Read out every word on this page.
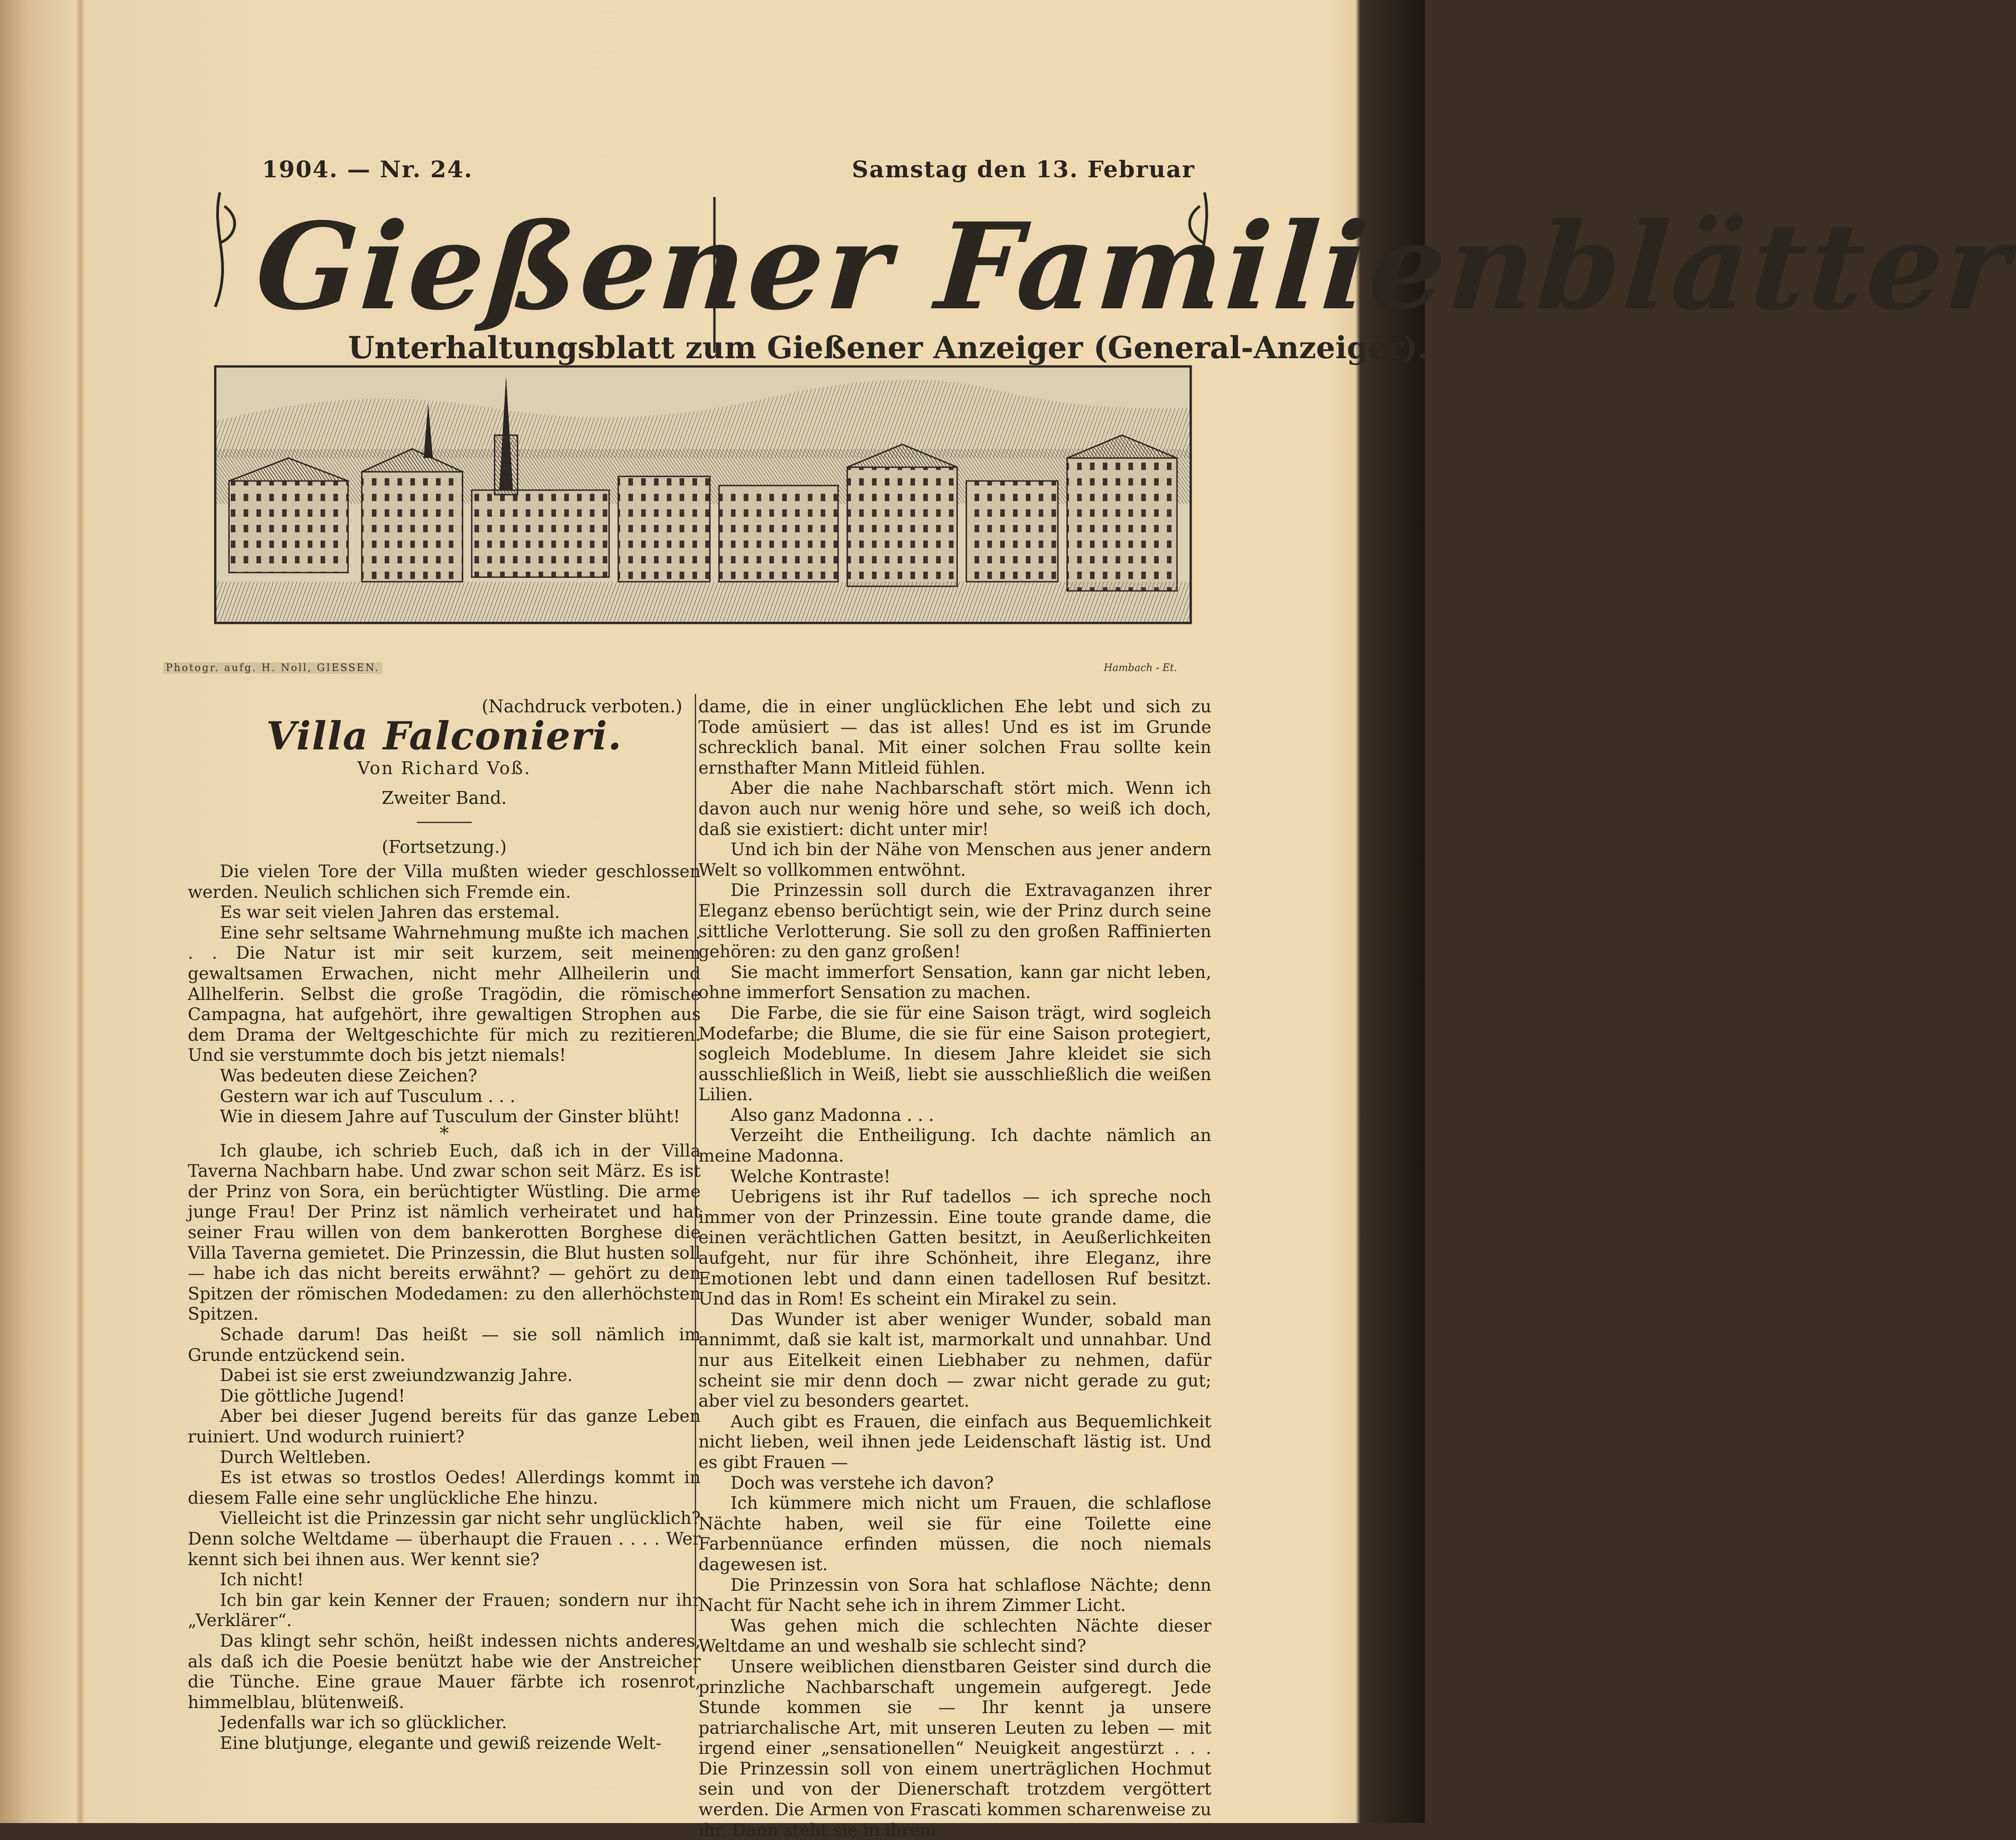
1904. — Nr. 24.	Samstag den 13. Februar
Gießener Familienblätter
Unterhaltungsblatt zum Gießener Anzeiger (General-Anzeiger).
Photogr. aufg. H. Noll, GIESSEN.	Hambach - Et.
(Nachdruck verboten.)
Villa Falconieri.
Von Richard Voß.
Zweiter Band.
(Fortsetzung.)

Die vielen Tore der Villa mußten wieder geschlossen werden. Neulich schlichen sich Fremde ein.

Es war seit vielen Jahren das erstemal.

Eine sehr seltsame Wahrnehmung mußte ich machen . . . Die Natur ist mir seit kurzem, seit meinem gewaltsamen Erwachen, nicht mehr Allheilerin und Allhelferin. Selbst die große Tragödin, die römische Campagna, hat aufgehört, ihre gewaltigen Strophen aus dem Drama der Weltgeschichte für mich zu rezitieren. Und sie verstummte doch bis jetzt niemals!

Was bedeuten diese Zeichen?

Gestern war ich auf Tusculum . . .

Wie in diesem Jahre auf Tusculum der Ginster blüht!

*

Ich glaube, ich schrieb Euch, daß ich in der Villa Taverna Nachbarn habe. Und zwar schon seit März. Es ist der Prinz von Sora, ein berüchtigter Wüstling. Die arme junge Frau! Der Prinz ist nämlich verheiratet und hat seiner Frau willen von dem bankerotten Borghese die Villa Taverna gemietet. Die Prinzessin, die Blut husten soll — habe ich das nicht bereits erwähnt? — gehört zu den Spitzen der römischen Modedamen: zu den allerhöchsten Spitzen.

Schade darum! Das heißt — sie soll nämlich im Grunde entzückend sein.

Dabei ist sie erst zweiundzwanzig Jahre.

Die göttliche Jugend!

Aber bei dieser Jugend bereits für das ganze Leben ruiniert. Und wodurch ruiniert?

Durch Weltleben.

Es ist etwas so trostlos Oedes! Allerdings kommt in diesem Falle eine sehr unglückliche Ehe hinzu.

Vielleicht ist die Prinzessin gar nicht sehr unglücklich? Denn solche Weltdame — überhaupt die Frauen . . . . Wer kennt sich bei ihnen aus. Wer kennt sie?

Ich nicht!

Ich bin gar kein Kenner der Frauen; sondern nur ihr „Verklärer“.

Das klingt sehr schön, heißt indessen nichts anderes, als daß ich die Poesie benützt habe wie der Anstreicher die Tünche. Eine graue Mauer färbte ich rosenrot, himmelblau, blütenweiß.

Jedenfalls war ich so glücklicher.

Eine blutjunge, elegante und gewiß reizende Welt-

dame, die in einer unglücklichen Ehe lebt und sich zu Tode amüsiert — das ist alles! Und es ist im Grunde schrecklich banal. Mit einer solchen Frau sollte kein ernsthafter Mann Mitleid fühlen.

Aber die nahe Nachbarschaft stört mich. Wenn ich davon auch nur wenig höre und sehe, so weiß ich doch, daß sie existiert: dicht unter mir!

Und ich bin der Nähe von Menschen aus jener andern Welt so vollkommen entwöhnt.

Die Prinzessin soll durch die Extravaganzen ihrer Eleganz ebenso berüchtigt sein, wie der Prinz durch seine sittliche Verlotterung. Sie soll zu den großen Raffinierten gehören: zu den ganz großen!

Sie macht immerfort Sensation, kann gar nicht leben, ohne immerfort Sensation zu machen.

Die Farbe, die sie für eine Saison trägt, wird sogleich Modefarbe; die Blume, die sie für eine Saison protegiert, sogleich Modeblume. In diesem Jahre kleidet sie sich ausschließlich in Weiß, liebt sie ausschließlich die weißen Lilien.

Also ganz Madonna . . .

Verzeiht die Entheiligung. Ich dachte nämlich an meine Madonna.

Welche Kontraste!

Uebrigens ist ihr Ruf tadellos — ich spreche noch immer von der Prinzessin. Eine toute grande dame, die einen verächtlichen Gatten besitzt, in Aeußerlichkeiten aufgeht, nur für ihre Schönheit, ihre Eleganz, ihre Emotionen lebt und dann einen tadellosen Ruf besitzt. Und das in Rom! Es scheint ein Mirakel zu sein.

Das Wunder ist aber weniger Wunder, sobald man annimmt, daß sie kalt ist, marmorkalt und unnahbar. Und nur aus Eitelkeit einen Liebhaber zu nehmen, dafür scheint sie mir denn doch — zwar nicht gerade zu gut; aber viel zu besonders geartet.

Auch gibt es Frauen, die einfach aus Bequemlichkeit nicht lieben, weil ihnen jede Leidenschaft lästig ist. Und es gibt Frauen —

Doch was verstehe ich davon?

Ich kümmere mich nicht um Frauen, die schlaflose Nächte haben, weil sie für eine Toilette eine Farbennüance erfinden müssen, die noch niemals dagewesen ist.

Die Prinzessin von Sora hat schlaflose Nächte; denn Nacht für Nacht sehe ich in ihrem Zimmer Licht.

Was gehen mich die schlechten Nächte dieser Weltdame an und weshalb sie schlecht sind?

Unsere weiblichen dienstbaren Geister sind durch die prinzliche Nachbarschaft ungemein aufgeregt. Jede Stunde kommen sie — Ihr kennt ja unsere patriarchalische Art, mit unseren Leuten zu leben — mit irgend einer „sensationellen“ Neuigkeit angestürzt . . . Die Prinzessin soll von einem unerträglichen Hochmut sein und von der Dienerschaft trotzdem vergöttert werden. Die Armen von Frascati kommen scharenweise zu ihr. Dann steht sie in ihrem
